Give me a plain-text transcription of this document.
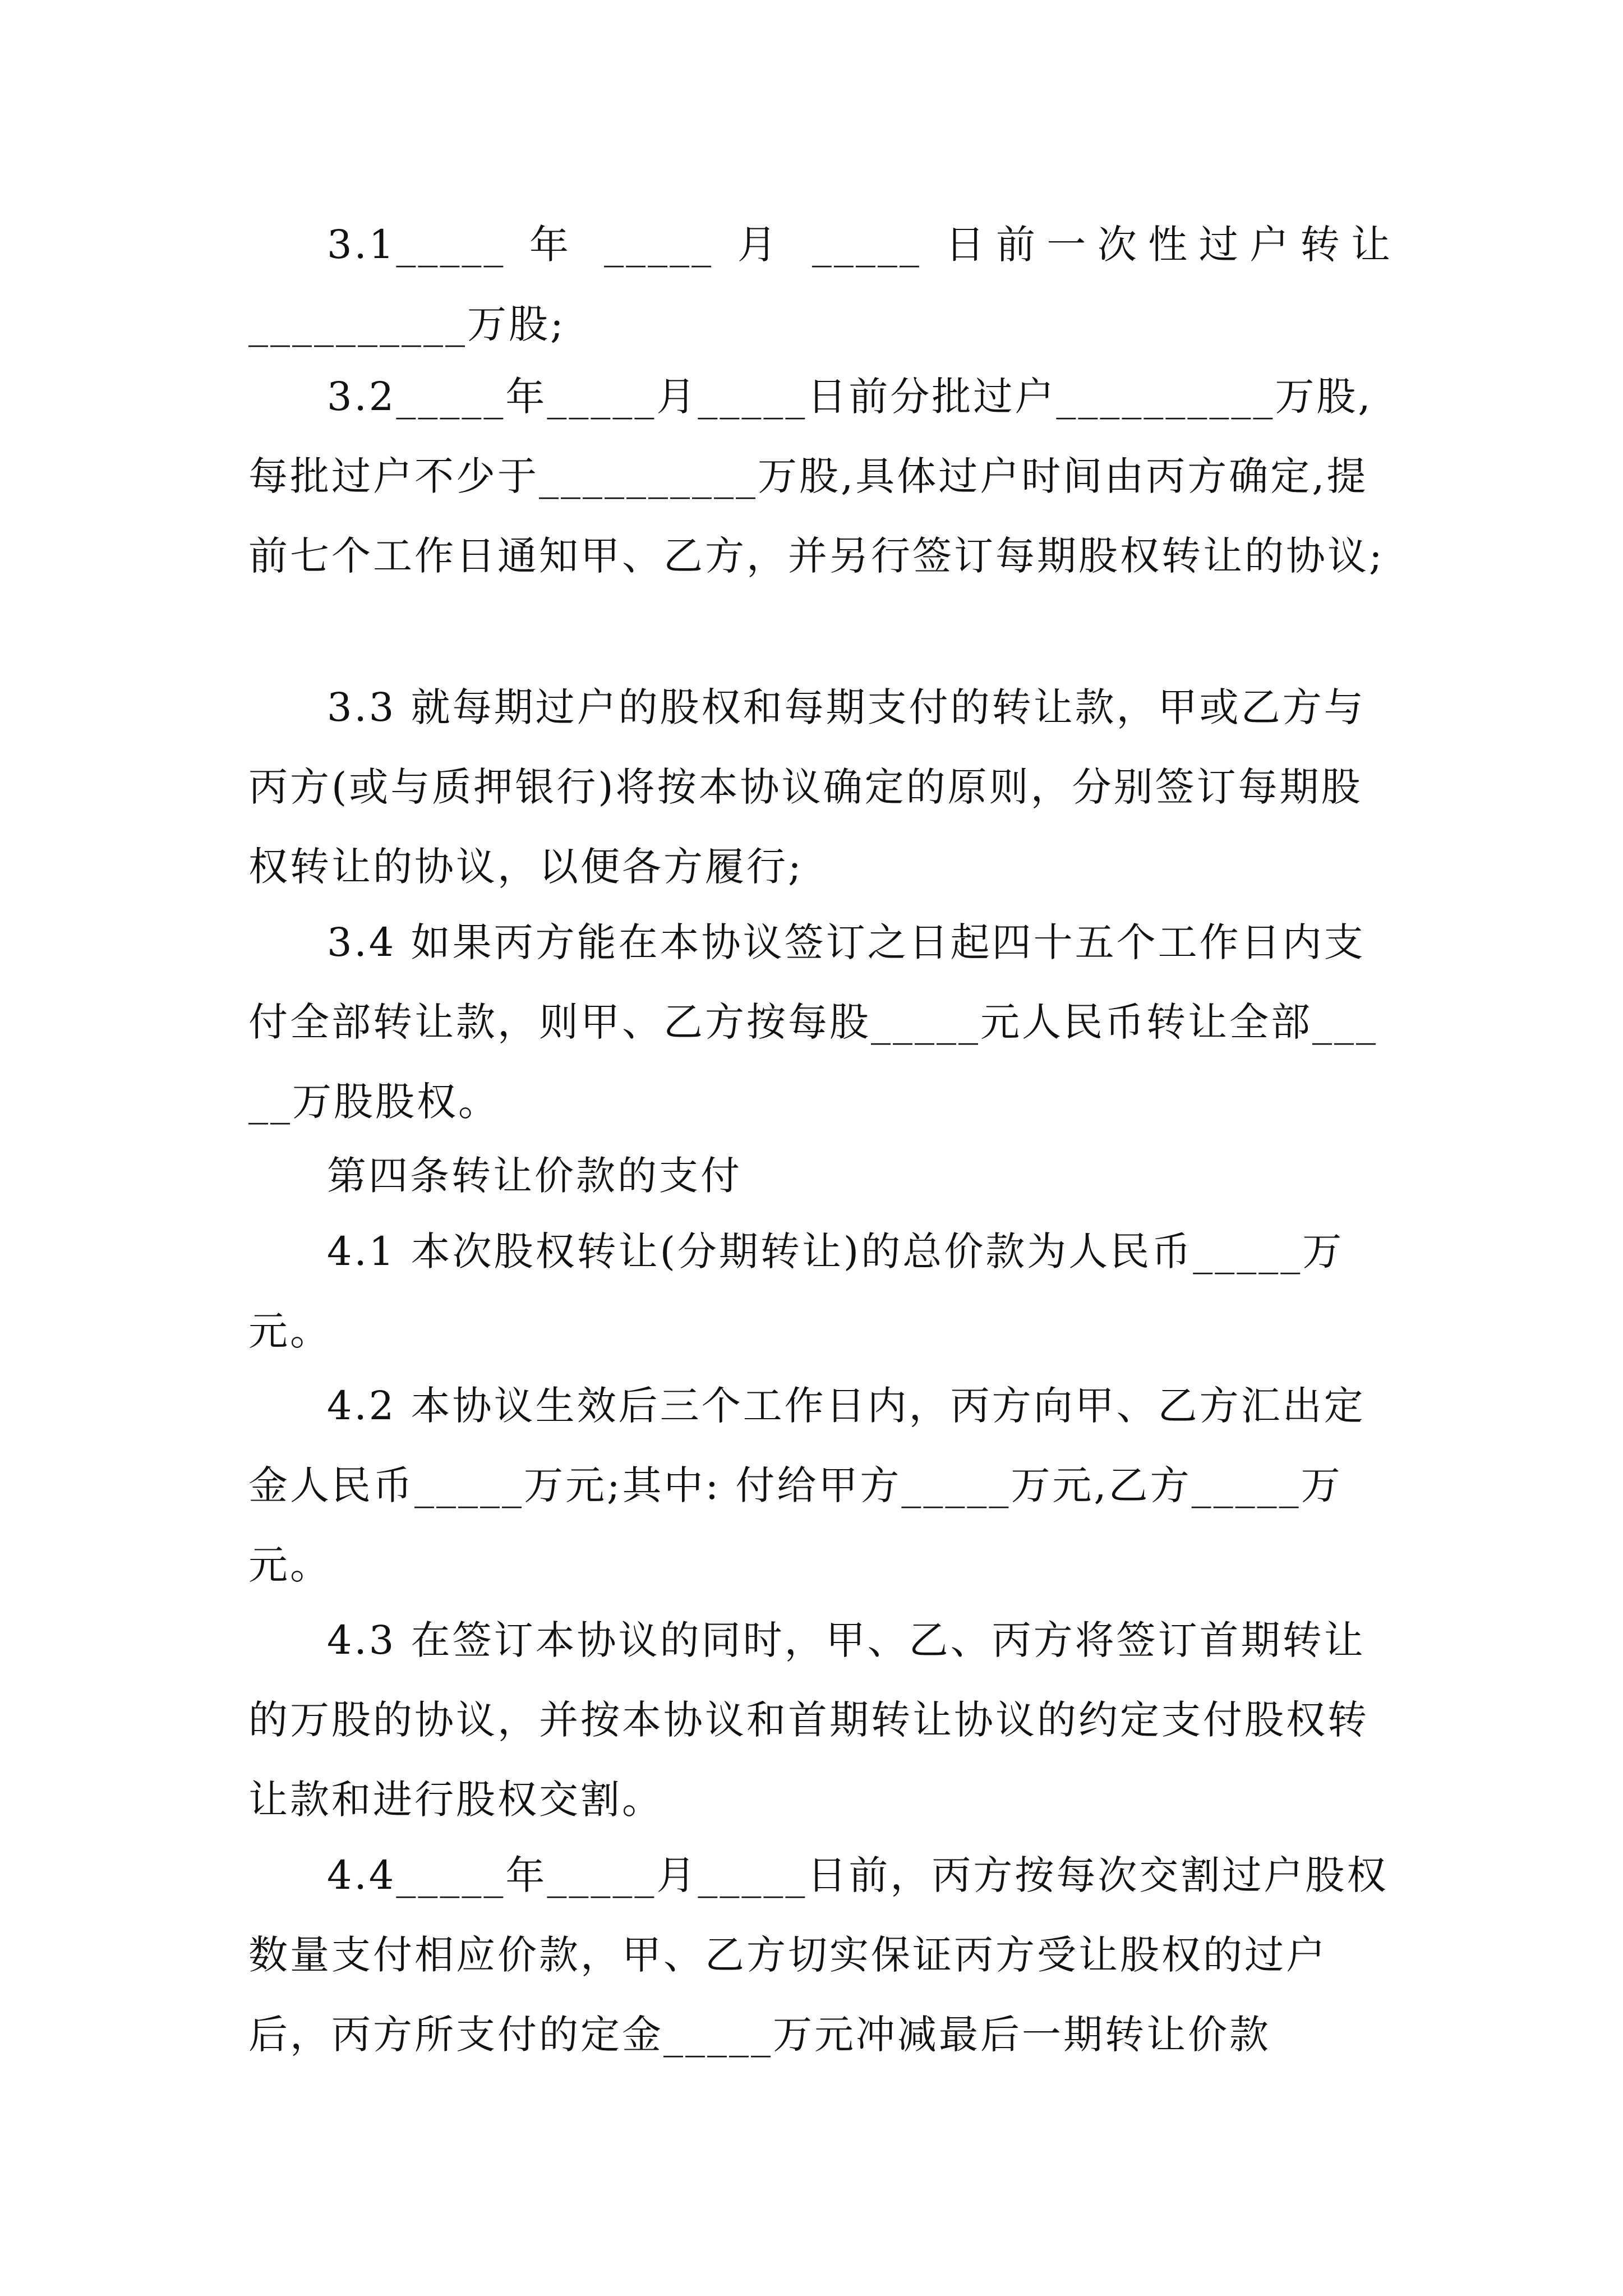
3.1_____ 年 _____ 月 _____ 日前一次性过户转让

__________万股;

3.2_____年_____月_____日前分批过户__________万股,每批过户不少于__________万股,具体过户时间由丙方确定,提前七个工作日通知甲、乙方，并另行签订每期股权转让的协议;

3.3 就每期过户的股权和每期支付的转让款，甲或乙方与丙方(或与质押银行)将按本协议确定的原则，分别签订每期股权转让的协议，以便各方履行;

3.4 如果丙方能在本协议签订之日起四十五个工作日内支付全部转让款，则甲、乙方按每股_____元人民币转让全部_____万股股权。

第四条转让价款的支付

4.1 本次股权转让(分期转让)的总价款为人民币_____万元。

4.2 本协议生效后三个工作日内，丙方向甲、乙方汇出定金人民币_____万元;其中: 付给甲方_____万元,乙方_____万元。

4.3 在签订本协议的同时，甲、乙、丙方将签订首期转让的万股的协议，并按本协议和首期转让协议的约定支付股权转让款和进行股权交割。

4.4_____年_____月_____日前，丙方按每次交割过户股权数量支付相应价款，甲、乙方切实保证丙方受让股权的过户后，丙方所支付的定金_____万元冲减最后一期转让价款
